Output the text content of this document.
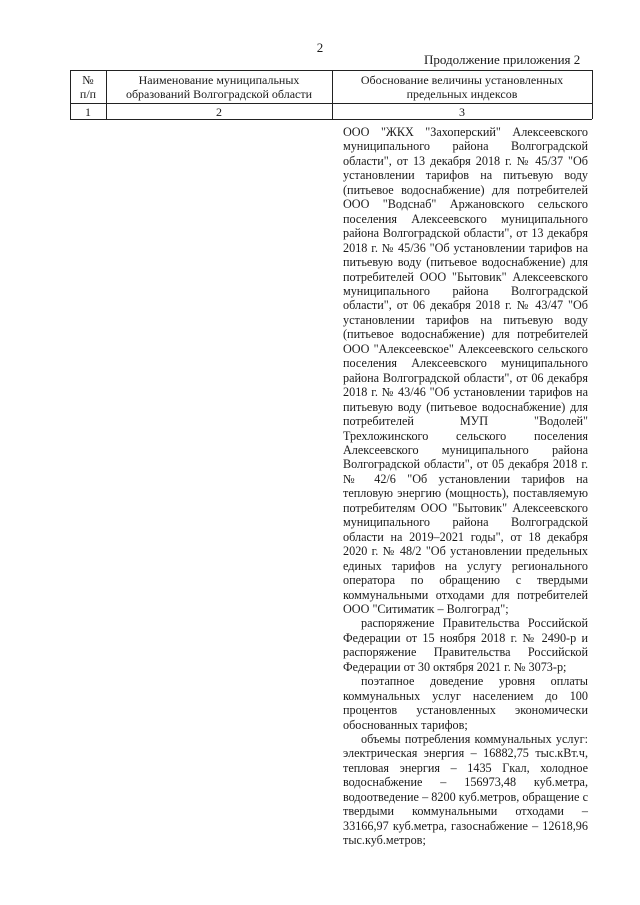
2
Продолжение приложения 2
№
п/п
Наименование муниципальных
образований Волгоградской области
Обоснование величины установленных
предельных индексов
1	2	3

ООО "ЖКХ "Захоперский" Алексеевского муниципального района Волгоградской области", от 13 декабря 2018 г. № 45/37 "Об установлении тарифов на питьевую воду (питьевое водоснабжение) для потребителей ООО "Водснаб" Аржановского сельского поселения Алексеевского муниципального района Волгоградской области", от 13 декабря 2018 г. № 45/36 "Об установлении тарифов на питьевую воду (питьевое водоснабжение) для потребителей ООО "Бытовик" Алексеевского муниципального района Волгоградской области", от 06 декабря 2018 г. № 43/47 "Об установлении тарифов на питьевую воду (питьевое водоснабжение) для потребителей ООО "Алексеевское" Алексеевского сельского поселения Алексеевского муниципального района Волгоградской области", от 06 декабря 2018 г. № 43/46 "Об установлении тарифов на питьевую воду (питьевое водоснабжение) для потребителей МУП "Водолей" Трехложинского сельского поселения Алексеевского муниципального района Волгоградской области", от 05 декабря 2018 г. № 42/6 "Об установлении тарифов на тепловую энергию (мощность), поставляемую потребителям ООО "Бытовик" Алексеевского муниципального района Волгоградской области на 2019–2021 годы", от 18 декабря 2020 г. № 48/2 "Об установлении предельных единых тарифов на услугу регионального оператора по обращению с твердыми коммунальными отходами для потребителей ООО "Ситиматик – Волгоград";

распоряжение Правительства Российской Федерации от 15 ноября 2018 г. № 2490-р и распоряжение Правительства Российской Федерации от 30 октября 2021 г. № 3073-р;

поэтапное доведение уровня оплаты коммунальных услуг населением до 100 процентов установленных экономически обоснованных тарифов;

объемы потребления коммунальных услуг: электрическая энергия – 16882,75 тыс.кВт.ч, тепловая энергия – 1435 Гкал, холодное водоснабжение – 156973,48 куб.метра, водоотведение – 8200 куб.метров, обращение с твердыми коммунальными отходами – 33166,97 куб.метра, газоснабжение – 12618,96 тыс.куб.метров;
